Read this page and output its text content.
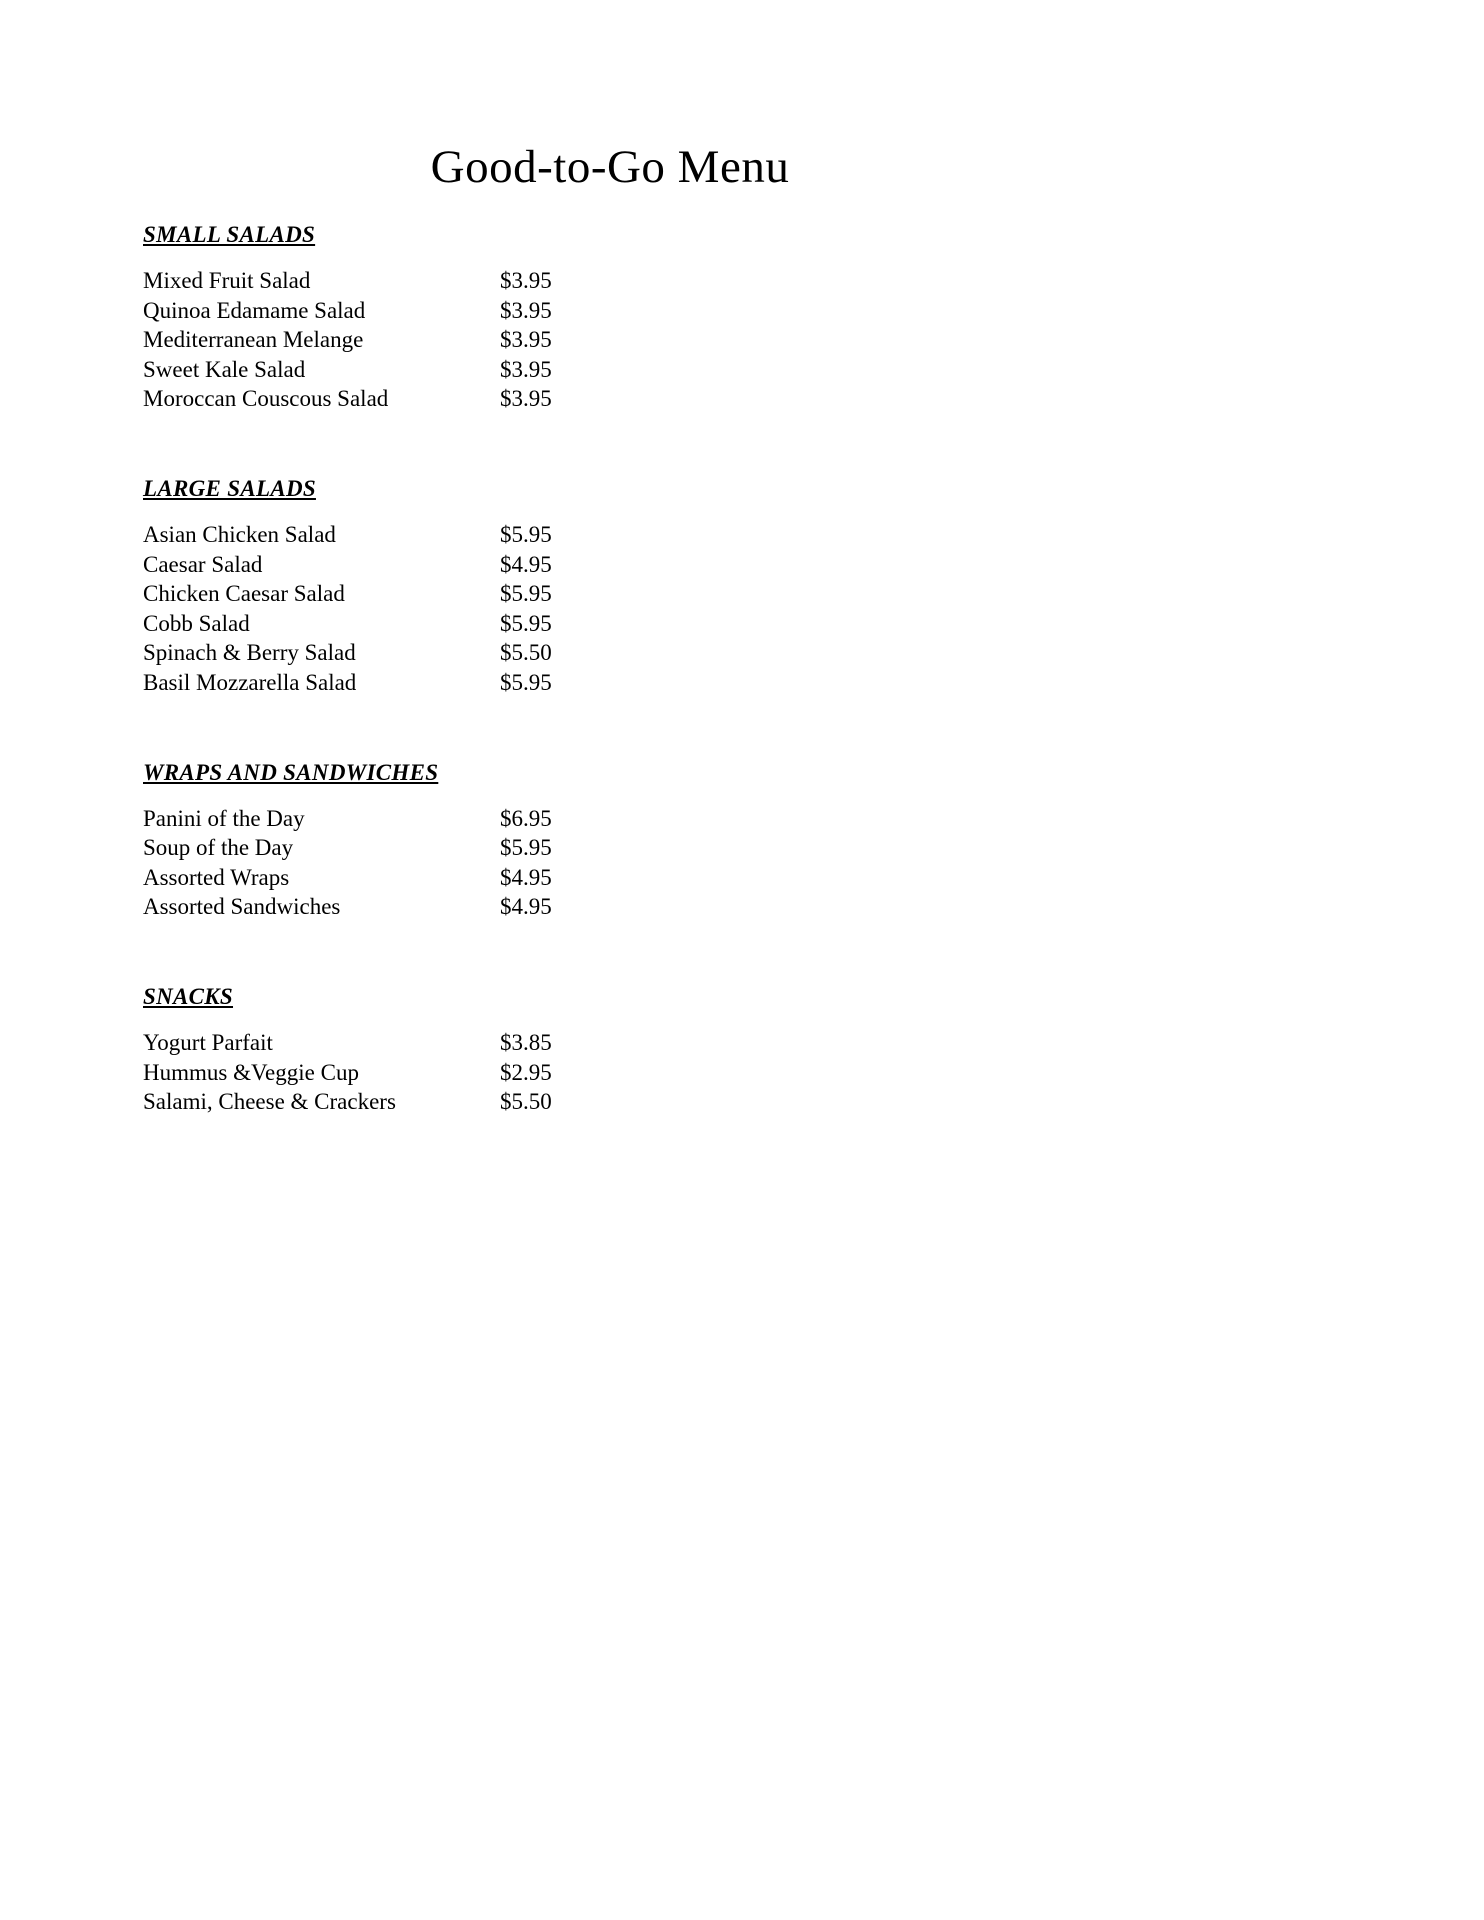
Good-to-Go Menu
SMALL SALADS
Mixed Fruit Salad	$3.95
Quinoa Edamame Salad	$3.95
Mediterranean Melange	$3.95
Sweet Kale Salad	$3.95
Moroccan Couscous Salad	$3.95
LARGE SALADS
Asian Chicken Salad	$5.95
Caesar Salad	$4.95
Chicken Caesar Salad	$5.95
Cobb Salad	$5.95
Spinach & Berry Salad	$5.50
Basil Mozzarella Salad	$5.95
WRAPS AND SANDWICHES
Panini of the Day	$6.95
Soup of the Day	$5.95
Assorted Wraps	$4.95
Assorted Sandwiches	$4.95
SNACKS
Yogurt Parfait	$3.85
Hummus &Veggie Cup	$2.95
Salami, Cheese & Crackers	$5.50
